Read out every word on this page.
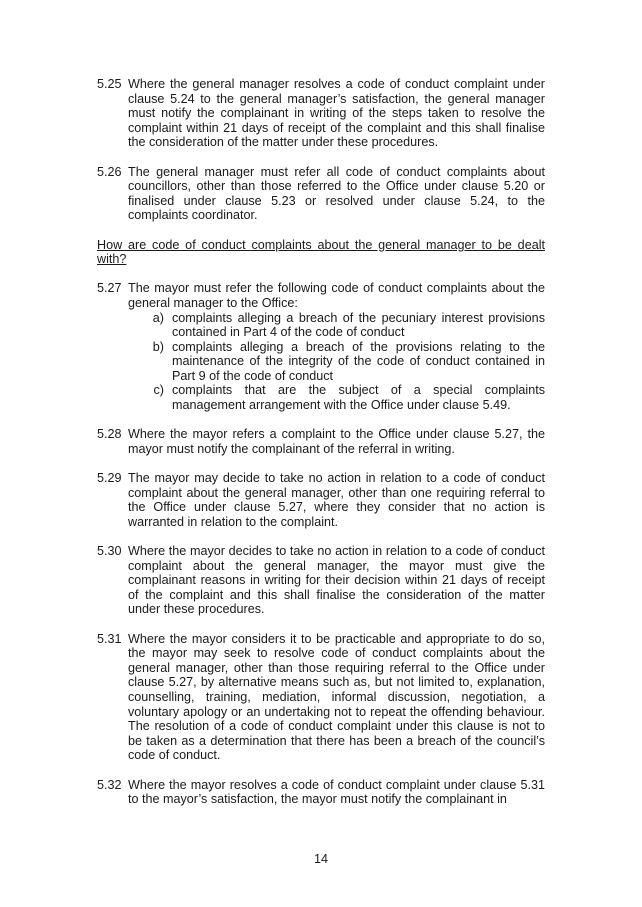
5.25 Where the general manager resolves a code of conduct complaint under clause 5.24 to the general manager’s satisfaction, the general manager must notify the complainant in writing of the steps taken to resolve the complaint within 21 days of receipt of the complaint and this shall finalise the consideration of the matter under these procedures.
5.26 The general manager must refer all code of conduct complaints about councillors, other than those referred to the Office under clause 5.20 or finalised under clause 5.23 or resolved under clause 5.24, to the complaints coordinator.
How are code of conduct complaints about the general manager to be dealt with?
5.27 The mayor must refer the following code of conduct complaints about the general manager to the Office:
a) complaints alleging a breach of the pecuniary interest provisions contained in Part 4 of the code of conduct
b) complaints alleging a breach of the provisions relating to the maintenance of the integrity of the code of conduct contained in Part 9 of the code of conduct
c) complaints that are the subject of a special complaints management arrangement with the Office under clause 5.49.
5.28 Where the mayor refers a complaint to the Office under clause 5.27, the mayor must notify the complainant of the referral in writing.
5.29 The mayor may decide to take no action in relation to a code of conduct complaint about the general manager, other than one requiring referral to the Office under clause 5.27, where they consider that no action is warranted in relation to the complaint.
5.30 Where the mayor decides to take no action in relation to a code of conduct complaint about the general manager, the mayor must give the complainant reasons in writing for their decision within 21 days of receipt of the complaint and this shall finalise the consideration of the matter under these procedures.
5.31 Where the mayor considers it to be practicable and appropriate to do so, the mayor may seek to resolve code of conduct complaints about the general manager, other than those requiring referral to the Office under clause 5.27, by alternative means such as, but not limited to, explanation, counselling, training, mediation, informal discussion, negotiation, a voluntary apology or an undertaking not to repeat the offending behaviour. The resolution of a code of conduct complaint under this clause is not to be taken as a determination that there has been a breach of the council’s code of conduct.
5.32 Where the mayor resolves a code of conduct complaint under clause 5.31 to the mayor’s satisfaction, the mayor must notify the complainant in
14
